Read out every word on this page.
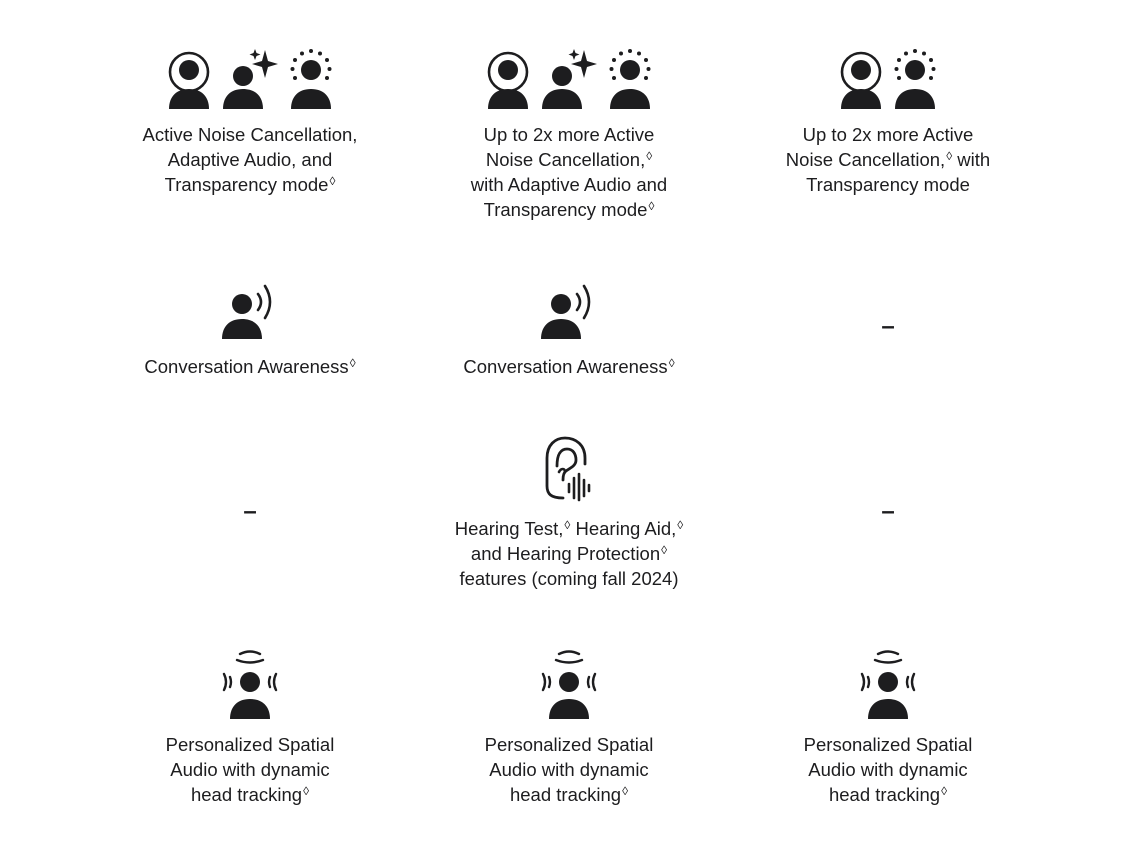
Active Noise Cancellation,
Adaptive Audio, and
Transparency mode◊
Up to 2x more Active
Noise Cancellation,◊
with Adaptive Audio and
Transparency mode◊
Up to 2x more Active
Noise Cancellation,◊ with
Transparency mode
Conversation Awareness◊	Conversation Awareness◊
–
–
Hearing Test,◊ Hearing Aid,◊
and Hearing Protection◊
features (coming fall 2024)
–
Personalized Spatial
Audio with dynamic
head tracking◊
Personalized Spatial
Audio with dynamic
head tracking◊
Personalized Spatial
Audio with dynamic
head tracking◊
